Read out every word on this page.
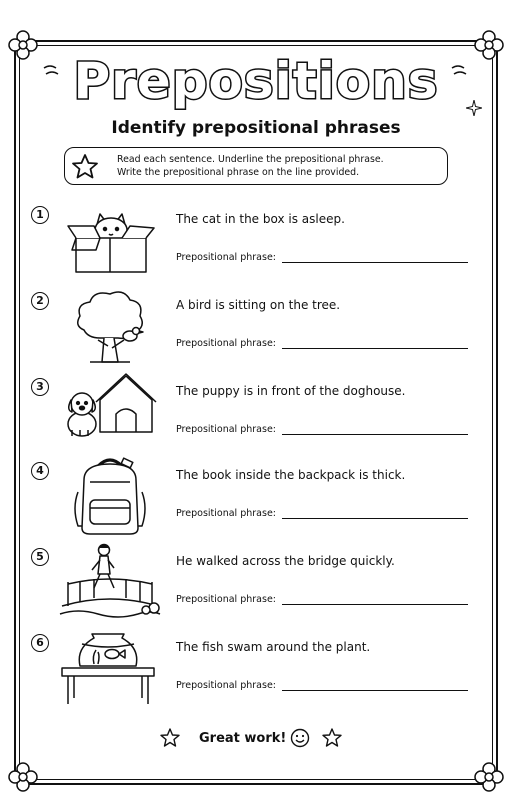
Prepositions
Identify prepositional phrases
Read each sentence. Underline the prepositional phrase.
Write the prepositional phrase on the line provided.
1	The cat in the box is asleep.
Prepositional phrase:
2	A bird is sitting on the tree.
Prepositional phrase:
3	The puppy is in front of the doghouse.
Prepositional phrase:
4	The book inside the backpack is thick.
Prepositional phrase:
5	He walked across the bridge quickly.
Prepositional phrase:
6	The fish swam around the plant.
Prepositional phrase:
Great work!
